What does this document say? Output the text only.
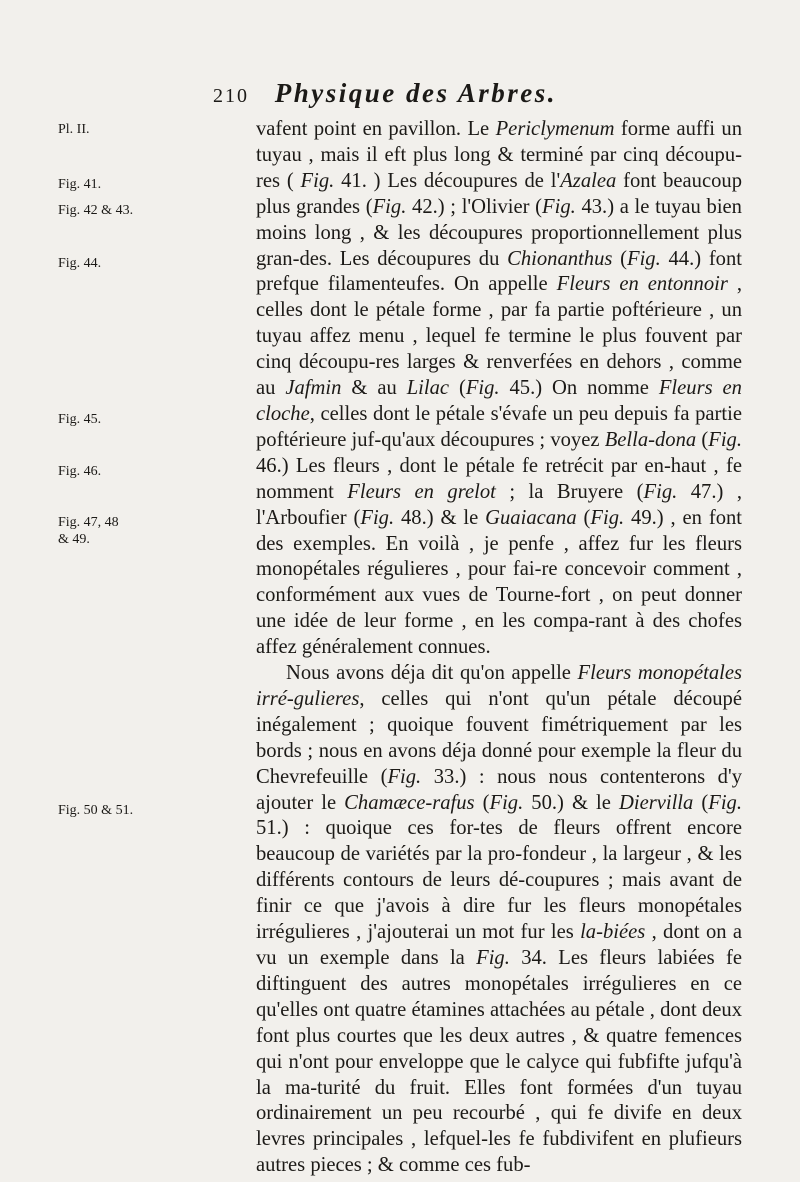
210 Physique des Arbres.
Pl. II.
Fig. 41.
Fig. 42 & 43.
Fig. 44.
Fig. 45.
Fig. 46.
Fig. 47, 48
& 49.
Fig. 50 & 51.

vafent point en pavillon. Le Periclymenum forme auffi un tuyau , mais il eft plus long & terminé par cinq découpu-res ( Fig. 41. ) Les découpures de l'Azalea font beaucoup plus grandes (Fig. 42.) ; l'Olivier (Fig. 43.) a le tuyau bien moins long , & les découpures proportionnellement plus gran-des. Les découpures du Chionanthus (Fig. 44.) font prefque filamenteufes. On appelle Fleurs en entonnoir , celles dont le pétale forme , par fa partie poftérieure , un tuyau affez menu , lequel fe termine le plus fouvent par cinq découpu-res larges & renverfées en dehors , comme au Jafmin & au Lilac (Fig. 45.) On nomme Fleurs en cloche, celles dont le pétale s'évafe un peu depuis fa partie poftérieure juf-qu'aux découpures ; voyez Bella-dona (Fig. 46.) Les fleurs , dont le pétale fe retrécit par en-haut , fe nomment Fleurs en grelot ; la Bruyere (Fig. 47.) , l'Arboufier (Fig. 48.) & le Guaiacana (Fig. 49.) , en font des exemples. En voilà , je penfe , affez fur les fleurs monopétales régulieres , pour fai-re concevoir comment , conformément aux vues de Tourne-fort , on peut donner une idée de leur forme , en les compa-rant à des chofes affez généralement connues.

Nous avons déja dit qu'on appelle Fleurs monopétales irré-gulieres, celles qui n'ont qu'un pétale découpé inégalement ; quoique fouvent fimétriquement par les bords ; nous en avons déja donné pour exemple la fleur du Chevrefeuille (Fig. 33.) : nous nous contenterons d'y ajouter le Chamæce-rafus (Fig. 50.) & le Diervilla (Fig. 51.) : quoique ces for-tes de fleurs offrent encore beaucoup de variétés par la pro-fondeur , la largeur , & les différents contours de leurs dé-coupures ; mais avant de finir ce que j'avois à dire fur les fleurs monopétales irrégulieres , j'ajouterai un mot fur les la-biées , dont on a vu un exemple dans la Fig. 34. Les fleurs labiées fe diftinguent des autres monopétales irrégulieres en ce qu'elles ont quatre étamines attachées au pétale , dont deux font plus courtes que les deux autres , & quatre femences qui n'ont pour enveloppe que le calyce qui fubfifte jufqu'à la ma-turité du fruit. Elles font formées d'un tuyau ordinairement un peu recourbé , qui fe divife en deux levres principales , lefquel-les fe fubdivifent en plufieurs autres pieces ; & comme ces fub-
